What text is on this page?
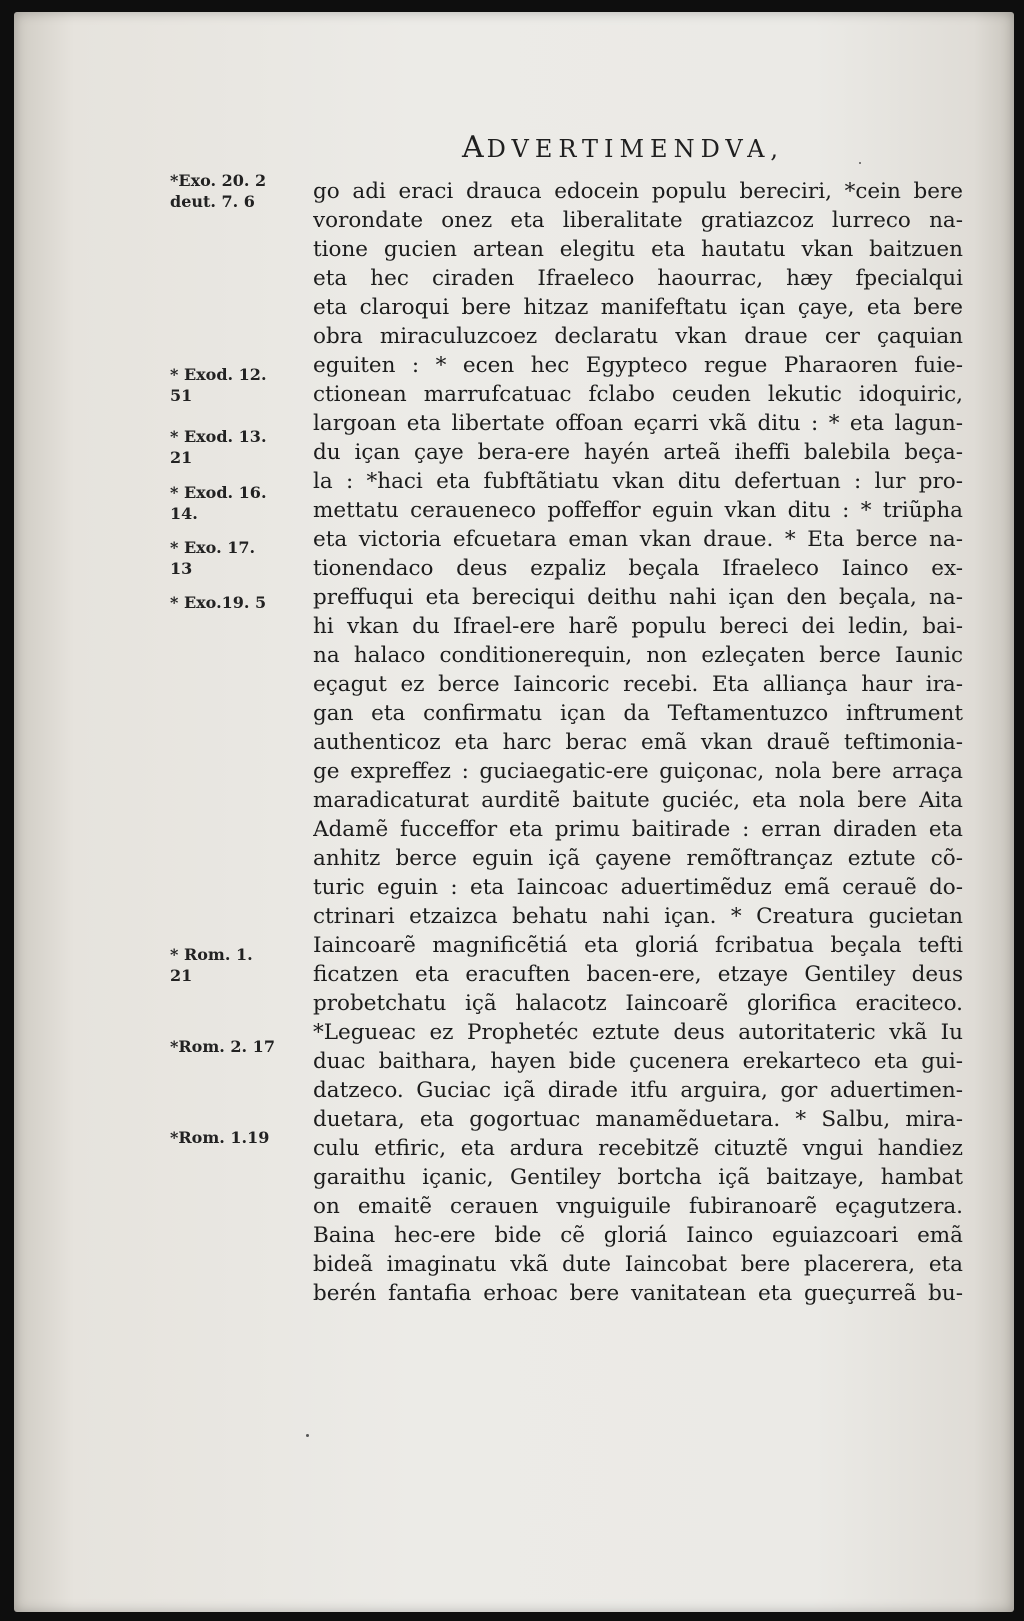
ADVERTIMENDVA,
*Exo. 20. 2
deut. 7. 6
* Exod. 12.
51
* Exod. 13.
21
* Exod. 16.
14.
* Exo. 17.
13
* Exo.19. 5
* Rom. 1.
21
*Rom. 2. 17
*Rom. 1.19
go adi eraci drauca edocein populu bereciri, *cein bere
vorondate onez eta liberalitate gratiazcoz lurreco na-
tione gucien artean elegitu eta hautatu vkan baitzuen
eta hec ciraden Ifraeleco haourrac, hæy fpecialqui
eta claroqui bere hitzaz manifeftatu içan çaye, eta bere
obra miraculuzcoez declaratu vkan draue cer çaquian
eguiten : * ecen hec Egypteco regue Pharaoren fuie-
ctionean marrufcatuac fclabo ceuden lekutic idoquiric,
largoan eta libertate offoan eçarri vkã ditu : * eta lagun-
du içan çaye bera-ere hayén arteã iheffi balebila beça-
la : *haci eta fubftãtiatu vkan ditu defertuan : lur pro-
mettatu ceraueneco poffeffor eguin vkan ditu : * triũpha
eta victoria efcuetara eman vkan draue. * Eta berce na-
tionendaco deus ezpaliz beçala Ifraeleco Iainco ex-
preffuqui eta bereciqui deithu nahi içan den beçala, na-
hi vkan du Ifrael-ere harẽ populu bereci dei ledin, bai-
na halaco conditionerequin, non ezleçaten berce Iaunic
eçagut ez berce Iaincoric recebi. Eta alliança haur ira-
gan eta confirmatu içan da Teftamentuzco inftrument
authenticoz eta harc berac emã vkan drauẽ teftimonia-
ge expreffez : guciaegatic-ere guiçonac, nola bere arraça
maradicaturat aurditẽ baitute guciéc, eta nola bere Aita
Adamẽ fucceffor eta primu baitirade : erran diraden eta
anhitz berce eguin içã çayene remõftrançaz eztute cõ-
turic eguin : eta Iaincoac aduertimẽduz emã cerauẽ do-
ctrinari etzaizca behatu nahi içan. * Creatura gucietan
Iaincoarẽ magnificẽtiá eta gloriá fcribatua beçala tefti
ficatzen eta eracuften bacen-ere, etzaye Gentiley deus
probetchatu içã halacotz Iaincoarẽ glorifica eraciteco.
*Legueac ez Prophetéc eztute deus autoritateric vkã Iu
duac baithara, hayen bide çucenera erekarteco eta gui-
datzeco. Guciac içã dirade itfu arguira, gor aduertimen-
duetara, eta gogortuac manamẽduetara. * Salbu, mira-
culu etfiric, eta ardura recebitzẽ cituztẽ vngui handiez
garaithu içanic, Gentiley bortcha içã baitzaye, hambat
on emaitẽ cerauen vnguiguile fubiranoarẽ eçagutzera.
Baina hec-ere bide cẽ gloriá Iainco eguiazcoari emã
bideã imaginatu vkã dute Iaincobat bere placerera, eta
berén fantafia erhoac bere vanitatean eta gueçurreã bu-
